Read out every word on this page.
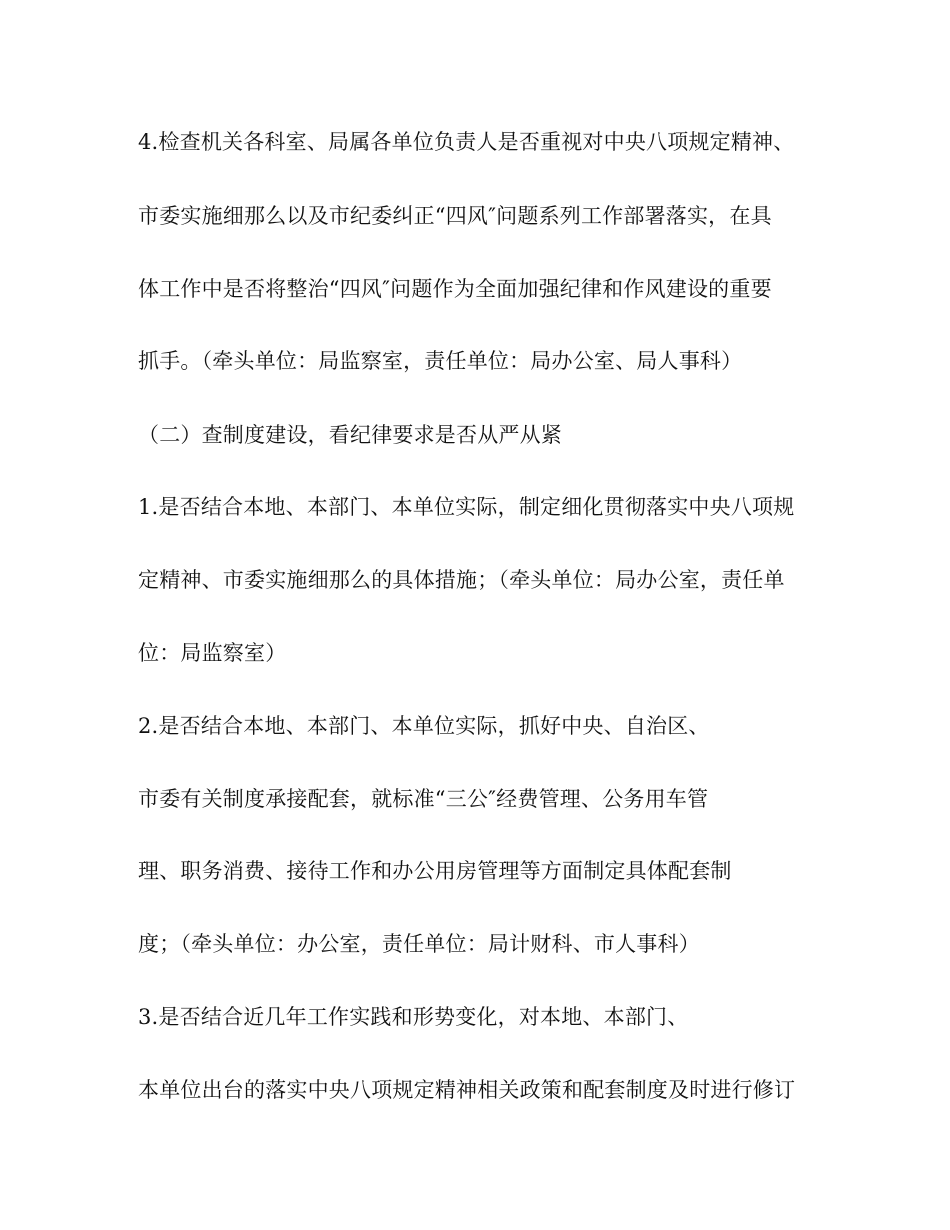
4.检查机关各科室、局属各单位负责人是否重视对中央八项规定精神、
市委实施细那么以及市纪委纠正“四风″问题系列工作部署落实，在具
体工作中是否将整治“四风″问题作为全面加强纪律和作风建设的重要
抓手。（牵头单位：局监察室，责任单位：局办公室、局人事科）
（二）查制度建设，看纪律要求是否从严从紧
1.是否结合本地、本部门、本单位实际，制定细化贯彻落实中央八项规
定精神、市委实施细那么的具体措施；（牵头单位：局办公室，责任单
位：局监察室）
2.是否结合本地、本部门、本单位实际，抓好中央、自治区、
市委有关制度承接配套，就标准“三公″经费管理、公务用车管
理、职务消费、接待工作和办公用房管理等方面制定具体配套制
度；（牵头单位：办公室，责任单位：局计财科、市人事科）
3.是否结合近几年工作实践和形势变化，对本地、本部门、
本单位出台的落实中央八项规定精神相关政策和配套制度及时进行修订
